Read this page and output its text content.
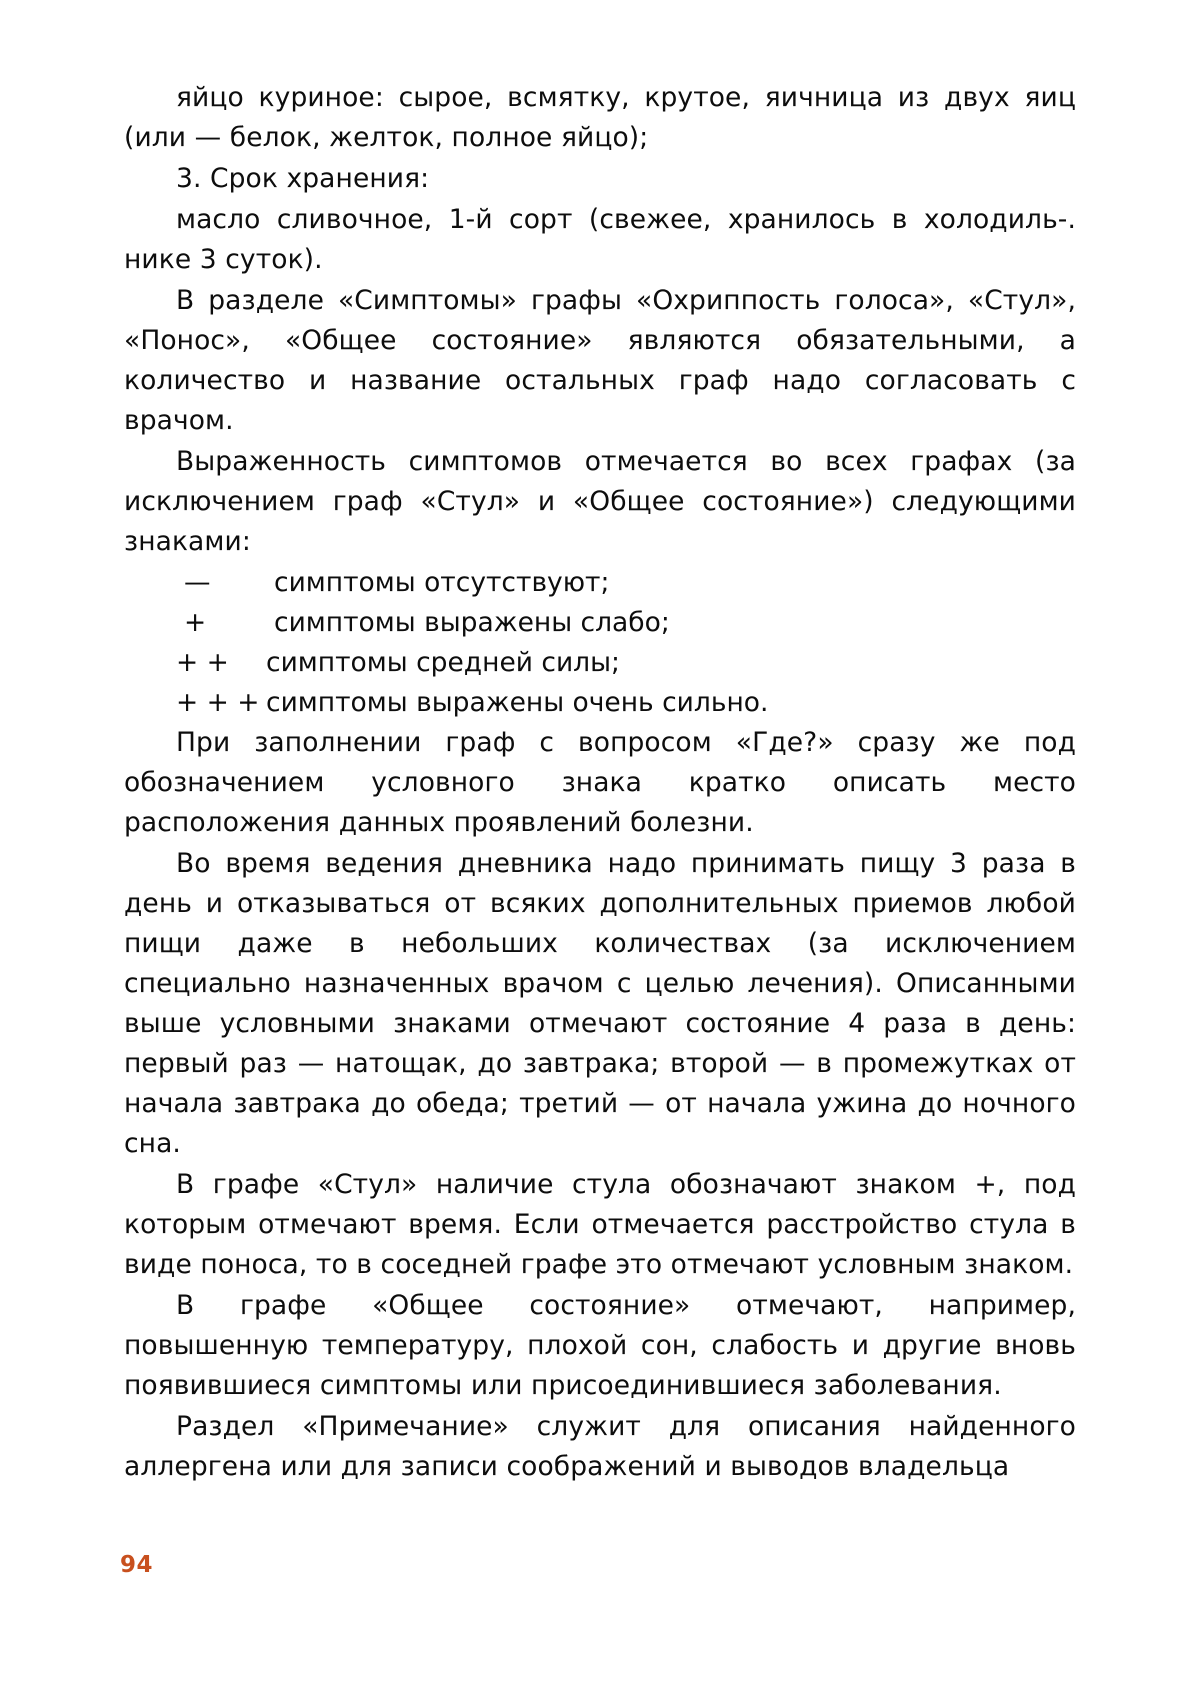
яйцо куриное: сырое, всмятку, крутое, яичница из двух яиц (или — белок, желток, полное яйцо);

3. Срок хранения:

масло сливочное, 1-й сорт (свежее, хранилось в холодиль-. нике 3 суток).

В разделе «Симптомы» графы «Охриппость голоса», «Стул», «Понос», «Общее состояние» являются обязательными, а количество и название остальных граф надо согласовать с врачом.

Выраженность симптомов отмечается во всех графах (за исключением граф «Стул» и «Общее состояние») следующими знаками:

— симптомы отсутствуют;
+	симптомы выражены слабо;
+ + симптомы средней силы;
+ + + симптомы выражены очень сильно.

При заполнении граф с вопросом «Где?» сразу же под обозначением условного знака кратко описать место расположения данных проявлений болезни.

Во время ведения дневника надо принимать пищу 3 раза в день и отказываться от всяких дополнительных приемов любой пищи даже в небольших количествах (за исключением специально назначенных врачом с целью лечения). Описанными выше условными знаками отмечают состояние 4 раза в день: первый раз — натощак, до завтрака; второй — в промежутках от начала завтрака до обеда; третий — от начала ужина до ночного сна.

В графе «Стул» наличие стула обозначают знаком +, под которым отмечают время. Если отмечается расстройство стула в виде поноса, то в соседней графе это отмечают условным знаком.

В графе «Общее состояние» отмечают, например, повышенную температуру, плохой сон, слабость и другие вновь появившиеся симптомы или присоединившиеся заболевания.

Раздел «Примечание» служит для описания найденного аллергена или для записи соображений и выводов владельца

94
